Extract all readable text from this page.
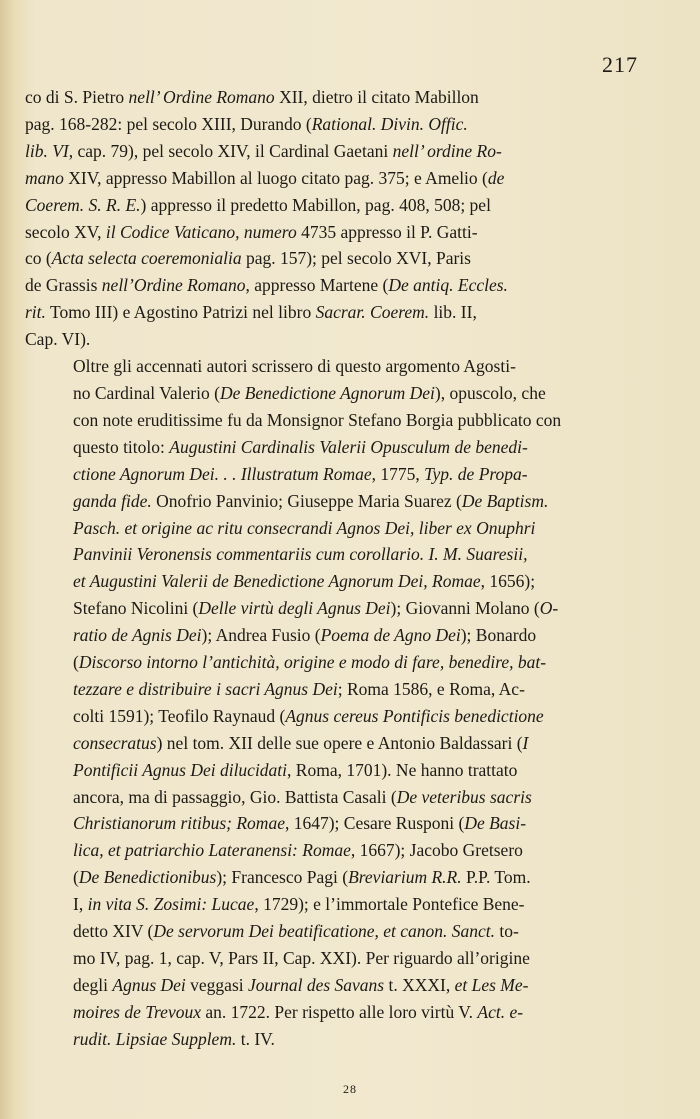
217

co di S. Pietro nell’ Ordine Romano XII, dietro il citato Mabillon
pag. 168-282: pel secolo XIII, Durando (Rational. Divin. Offic.
lib. VI, cap. 79), pel secolo XIV, il Cardinal Gaetani nell’ ordine Ro-
mano XIV, appresso Mabillon al luogo citato pag. 375; e Amelio (de
Coerem. S. R. E.) appresso il predetto Mabillon, pag. 408, 508; pel
secolo XV, il Codice Vaticano, numero 4735 appresso il P. Gatti-
co (Acta selecta coeremonialia pag. 157); pel secolo XVI, Paris
de Grassis nell’Ordine Romano, appresso Martene (De antiq. Eccles.
rit. Tomo III) e Agostino Patrizi nel libro Sacrar. Coerem. lib. II,
Cap. VI).

Oltre gli accennati autori scrissero di questo argomento Agosti-
no Cardinal Valerio (De Benedictione Agnorum Dei), opuscolo, che
con note eruditissime fu da Monsignor Stefano Borgia pubblicato con
questo titolo: Augustini Cardinalis Valerii Opusculum de benedi-
ctione Agnorum Dei. . . Illustratum Romae, 1775, Typ. de Propa-
ganda fide. Onofrio Panvinio; Giuseppe Maria Suarez (De Baptism.
Pasch. et origine ac ritu consecrandi Agnos Dei, liber ex Onuphri
Panvinii Veronensis commentariis cum corollario. I. M. Suaresii,
et Augustini Valerii de Benedictione Agnorum Dei, Romae, 1656);
Stefano Nicolini (Delle virtù degli Agnus Dei); Giovanni Molano (O-
ratio de Agnis Dei); Andrea Fusio (Poema de Agno Dei); Bonardo
(Discorso intorno l’antichità, origine e modo di fare, benedire, bat-
tezzare e distribuire i sacri Agnus Dei; Roma 1586, e Roma, Ac-
colti 1591); Teofilo Raynaud (Agnus cereus Pontificis benedictione
consecratus) nel tom. XII delle sue opere e Antonio Baldassari (I
Pontificii Agnus Dei dilucidati, Roma, 1701). Ne hanno trattato
ancora, ma di passaggio, Gio. Battista Casali (De veteribus sacris
Christianorum ritibus; Romae, 1647); Cesare Rusponi (De Basi-
lica, et patriarchio Lateranensi: Romae, 1667); Jacobo Gretsero
(De Benedictionibus); Francesco Pagi (Breviarium R.R. P.P. Tom.
I, in vita S. Zosimi: Lucae, 1729); e l’immortale Pontefice Bene-
detto XIV (De servorum Dei beatificatione, et canon. Sanct. to-
mo IV, pag. 1, cap. V, Pars II, Cap. XXI). Per riguardo all’origine
degli Agnus Dei veggasi Journal des Savans t. XXXI, et Les Me-
moires de Trevoux an. 1722. Per rispetto alle loro virtù V. Act. e-
rudit. Lipsiae Supplem. t. IV.

28
